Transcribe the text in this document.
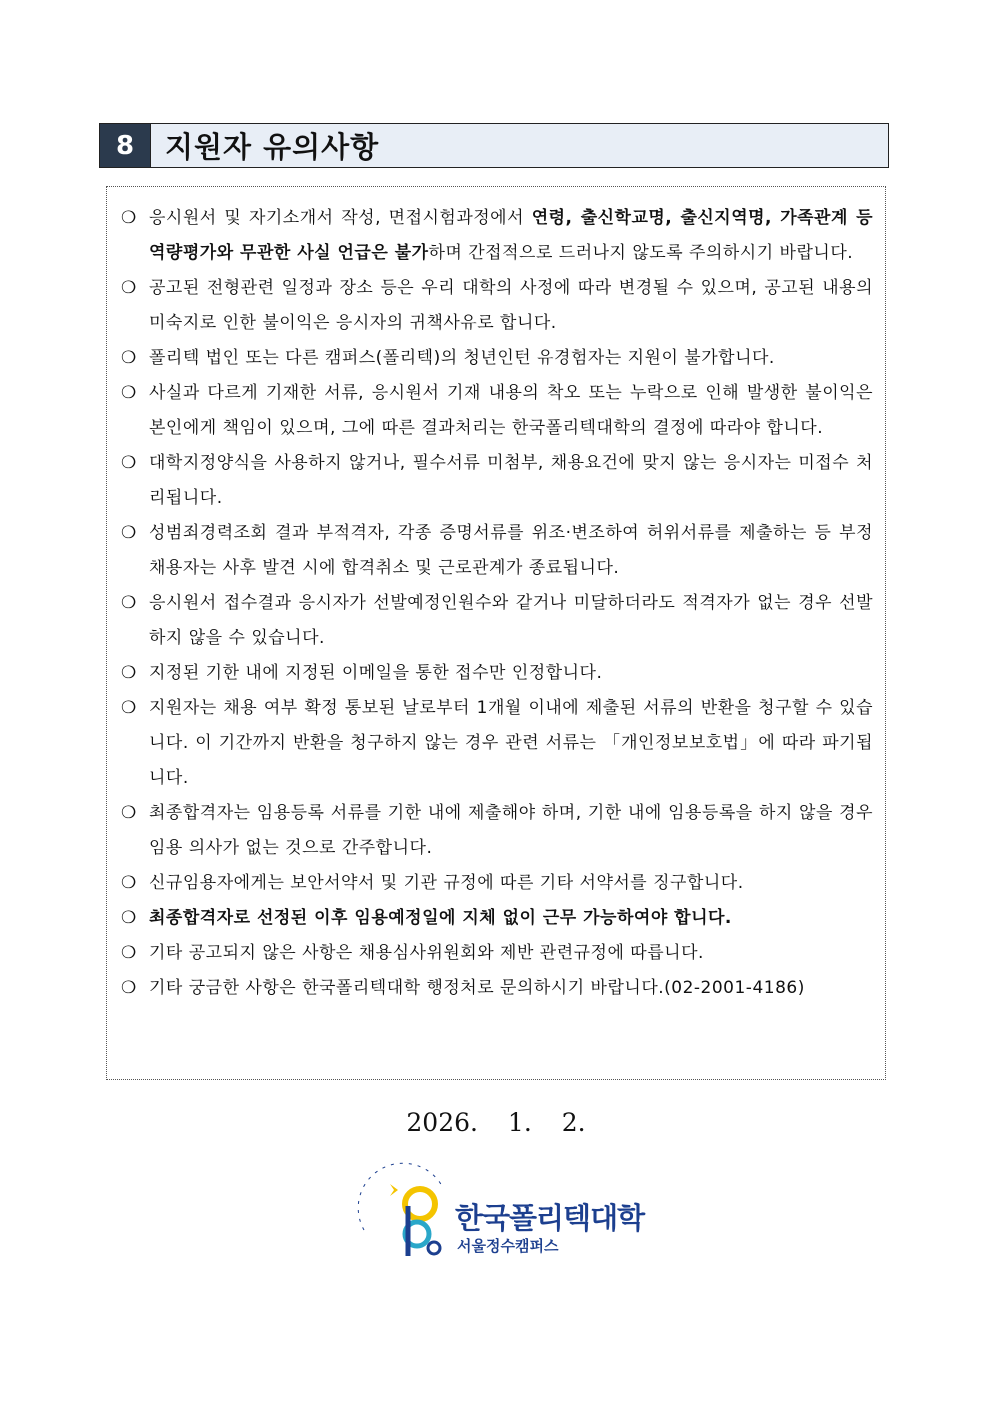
8	지원자 유의사항
❍ 응시원서 및 자기소개서 작성, 면접시험과정에서 연령, 출신학교명, 출신지역명, 가족관계 등 역량평가와 무관한 사실 언급은 불가하며 간접적으로 드러나지 않도록 주의하시기 바랍니다.
❍ 공고된 전형관련 일정과 장소 등은 우리 대학의 사정에 따라 변경될 수 있으며, 공고된 내용의 미숙지로 인한 불이익은 응시자의 귀책사유로 합니다.
❍ 폴리텍 법인 또는 다른 캠퍼스(폴리텍)의 청년인턴 유경험자는 지원이 불가합니다.
❍ 사실과 다르게 기재한 서류, 응시원서 기재 내용의 착오 또는 누락으로 인해 발생한 불이익은 본인에게 책임이 있으며, 그에 따른 결과처리는 한국폴리텍대학의 결정에 따라야 합니다.
❍ 대학지정양식을 사용하지 않거나, 필수서류 미첨부, 채용요건에 맞지 않는 응시자는 미접수 처리됩니다.
❍ 성범죄경력조회 결과 부적격자, 각종 증명서류를 위조·변조하여 허위서류를 제출하는 등 부정 채용자는 사후 발견 시에 합격취소 및 근로관계가 종료됩니다.
❍ 응시원서 접수결과 응시자가 선발예정인원수와 같거나 미달하더라도 적격자가 없는 경우 선발하지 않을 수 있습니다.
❍ 지정된 기한 내에 지정된 이메일을 통한 접수만 인정합니다.
❍ 지원자는 채용 여부 확정 통보된 날로부터 1개월 이내에 제출된 서류의 반환을 청구할 수 있습니다. 이 기간까지 반환을 청구하지 않는 경우 관련 서류는 「개인정보보호법」에 따라 파기됩니다.
❍ 최종합격자는 임용등록 서류를 기한 내에 제출해야 하며, 기한 내에 임용등록을 하지 않을 경우 임용 의사가 없는 것으로 간주합니다.
❍ 신규임용자에게는 보안서약서 및 기관 규정에 따른 기타 서약서를 징구합니다.
❍ 최종합격자로 선정된 이후 임용예정일에 지체 없이 근무 가능하여야 합니다.
❍ 기타 공고되지 않은 사항은 채용심사위원회와 제반 관련규정에 따릅니다.
❍ 기타 궁금한 사항은 한국폴리텍대학 행정처로 문의하시기 바랍니다.(02-2001-4186)
2026. 1. 2.
한국폴리텍대학
서울정수캠퍼스
